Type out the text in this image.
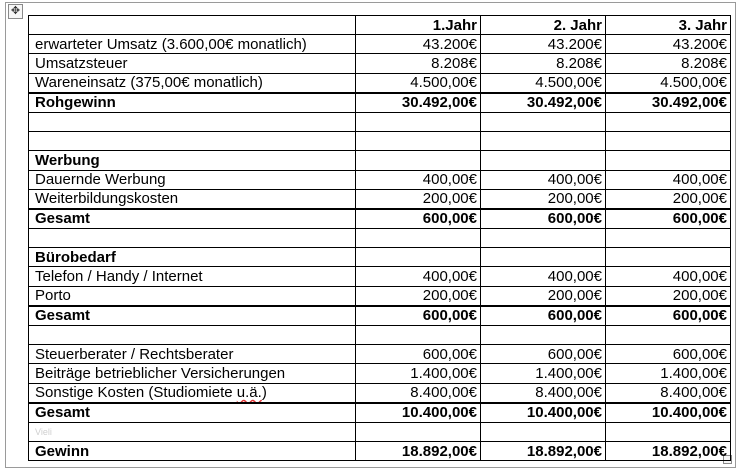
✥
	1.Jahr	2. Jahr	3. Jahr
erwarteter Umsatz (3.600,00€ monatlich)	43.200€	43.200€	43.200€
Umsatzsteuer	8.208€	8.208€	8.208€
Wareneinsatz (375,00€ monatlich)	4.500,00€	4.500,00€	4.500,00€
Rohgewinn	30.492,00€	30.492,00€	30.492,00€

Werbung			
Dauernde Werbung	400,00€	400,00€	400,00€
Weiterbildungskosten	200,00€	200,00€	200,00€
Gesamt	600,00€	600,00€	600,00€

Bürobedarf			
Telefon / Handy / Internet	400,00€	400,00€	400,00€
Porto	200,00€	200,00€	200,00€
Gesamt	600,00€	600,00€	600,00€

Steuerberater / Rechtsberater	600,00€	600,00€	600,00€
Beiträge betrieblicher Versicherungen	1.400,00€	1.400,00€	1.400,00€
Sonstige Kosten (Studiomiete u.ä.)	8.400,00€	8.400,00€	8.400,00€
Gesamt	10.400,00€	10.400,00€	10.400,00€
$^{Vieli}$			
Gewinn	18.892,00€	18.892,00€	18.892,00€
